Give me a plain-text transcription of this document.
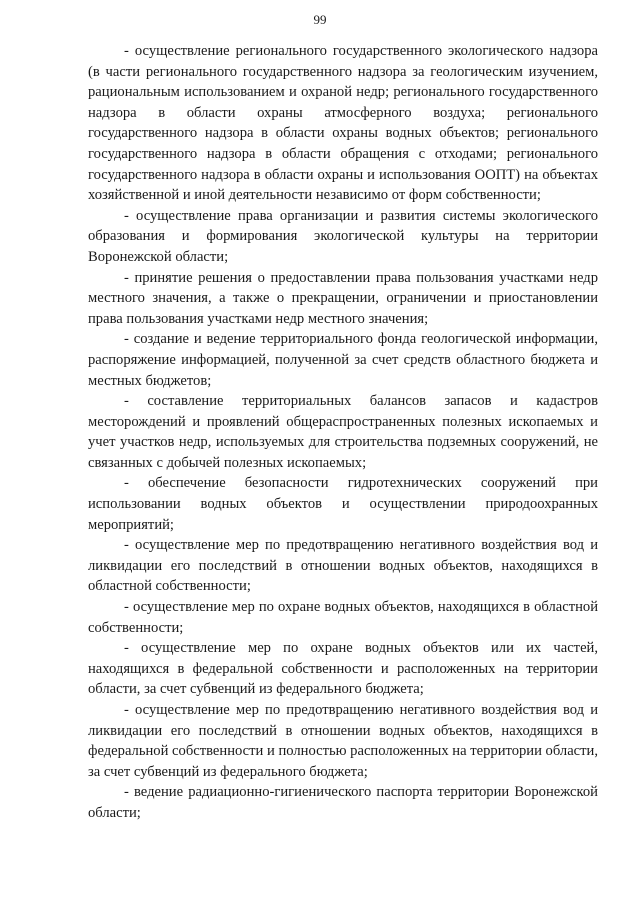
99

- осуществление регионального государственного экологического надзора (в части регионального государственного надзора за геологическим изучением, рациональным использованием и охраной недр; регионального государственного надзора в области охраны атмосферного воздуха; регионального государственного надзора в области охраны водных объектов; регионального государственного надзора в области обращения с отходами; регионального государственного надзора в области охраны и использования ООПТ) на объектах хозяйственной и иной деятельности независимо от форм собственности;

- осуществление права организации и развития системы экологического образования и формирования экологической культуры на территории Воронежской области;

- принятие решения о предоставлении права пользования участками недр местного значения, а также о прекращении, ограничении и приостановлении права пользования участками недр местного значения;

- создание и ведение территориального фонда геологической информации, распоряжение информацией, полученной за счет средств областного бюджета и местных бюджетов;

- составление территориальных балансов запасов и кадастров месторождений и проявлений общераспространенных полезных ископаемых и учет участков недр, используемых для строительства подземных сооружений, не связанных с добычей полезных ископаемых;

- обеспечение безопасности гидротехнических сооружений при использовании водных объектов и осуществлении природоохранных мероприятий;

- осуществление мер по предотвращению негативного воздействия вод и ликвидации его последствий в отношении водных объектов, находящихся в областной собственности;

- осуществление мер по охране водных объектов, находящихся в областной собственности;

- осуществление мер по охране водных объектов или их частей, находящихся в федеральной собственности и расположенных на территории области, за счет субвенций из федерального бюджета;

- осуществление мер по предотвращению негативного воздействия вод и ликвидации его последствий в отношении водных объектов, находящихся в федеральной собственности и полностью расположенных на территории области, за счет субвенций из федерального бюджета;

- ведение радиационно-гигиенического паспорта территории Воронежской области;
